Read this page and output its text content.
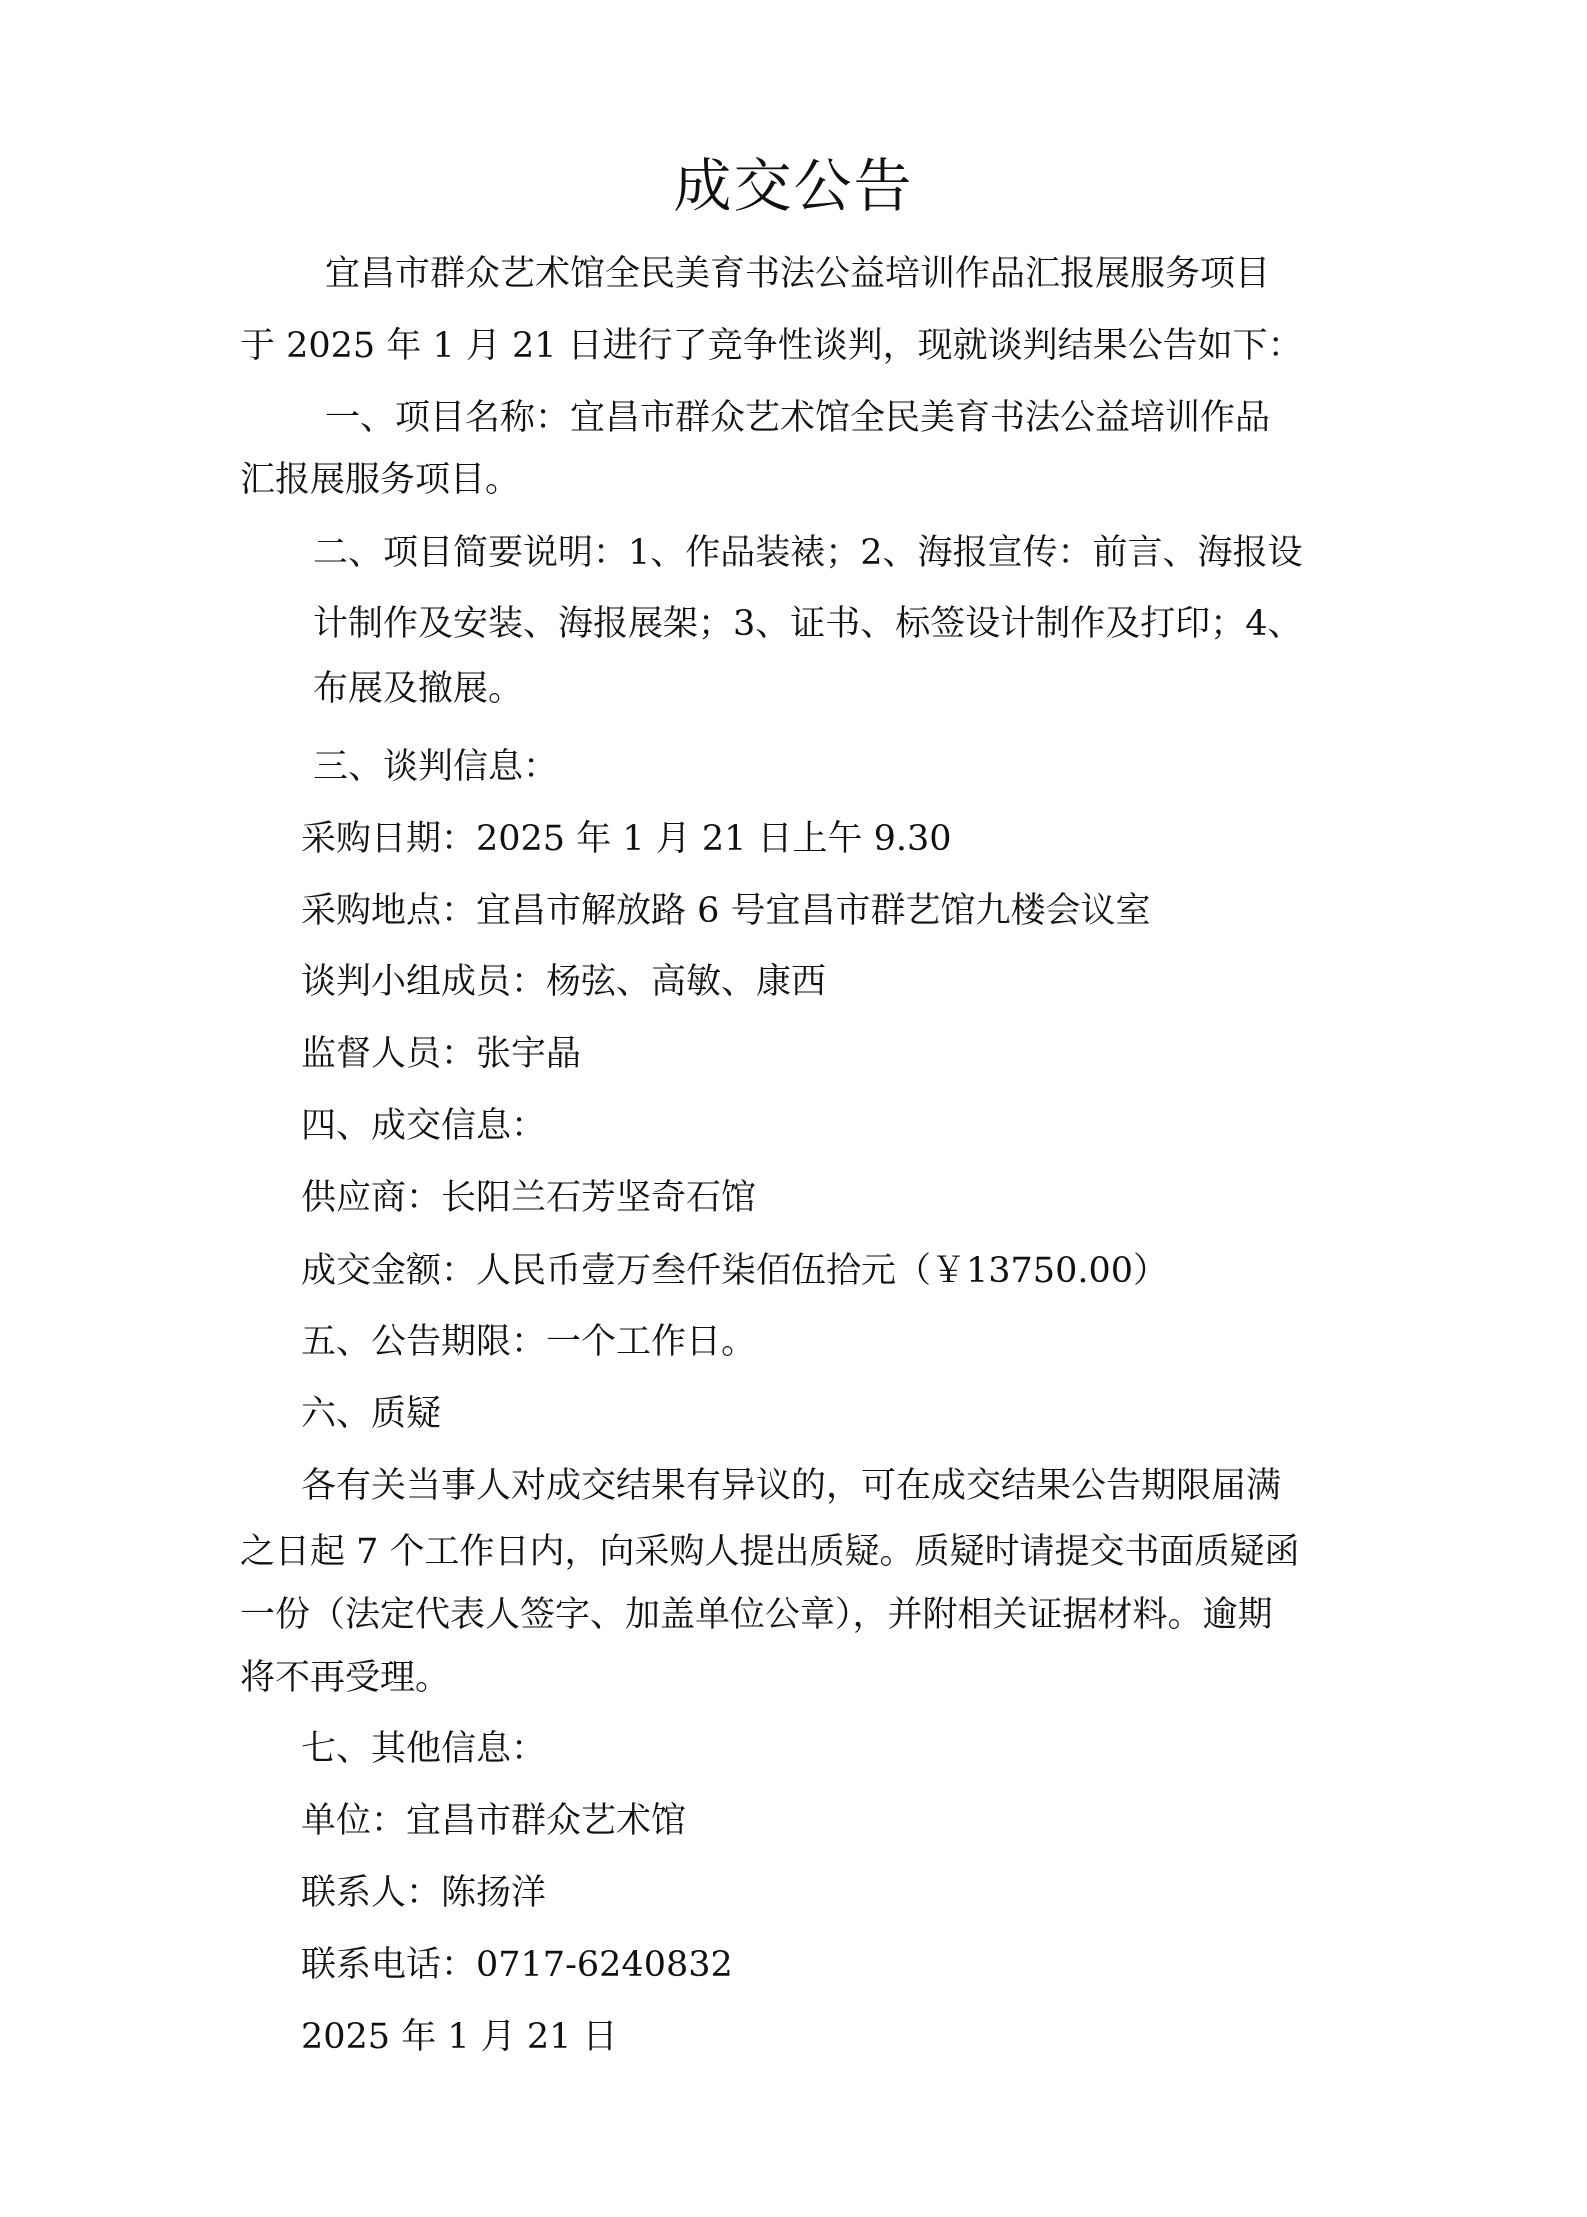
成交公告

宜昌市群众艺术馆全民美育书法公益培训作品汇报展服务项目

于 2025 年 1 月 21 日进行了竞争性谈判，现就谈判结果公告如下：

一、项目名称：宜昌市群众艺术馆全民美育书法公益培训作品

汇报展服务项目。

二、项目简要说明：1、作品装裱；2、海报宣传：前言、海报设

计制作及安装、海报展架；3、证书、标签设计制作及打印；4、

布展及撤展。

三、谈判信息：

采购日期：2025 年 1 月 21 日上午 9.30

采购地点：宜昌市解放路 6 号宜昌市群艺馆九楼会议室

谈判小组成员：杨弦、高敏、康西

监督人员：张宇晶

四、成交信息：

供应商：长阳兰石芳坚奇石馆

成交金额：人民币壹万叁仟柒佰伍拾元（￥13750.00）

五、公告期限：一个工作日。

六、质疑

各有关当事人对成交结果有异议的，可在成交结果公告期限届满

之日起 7 个工作日内，向采购人提出质疑。质疑时请提交书面质疑函

一份（法定代表人签字、加盖单位公章），并附相关证据材料。逾期

将不再受理。

七、其他信息：

单位：宜昌市群众艺术馆

联系人：陈扬洋

联系电话：0717-6240832

2025 年 1 月 21 日
